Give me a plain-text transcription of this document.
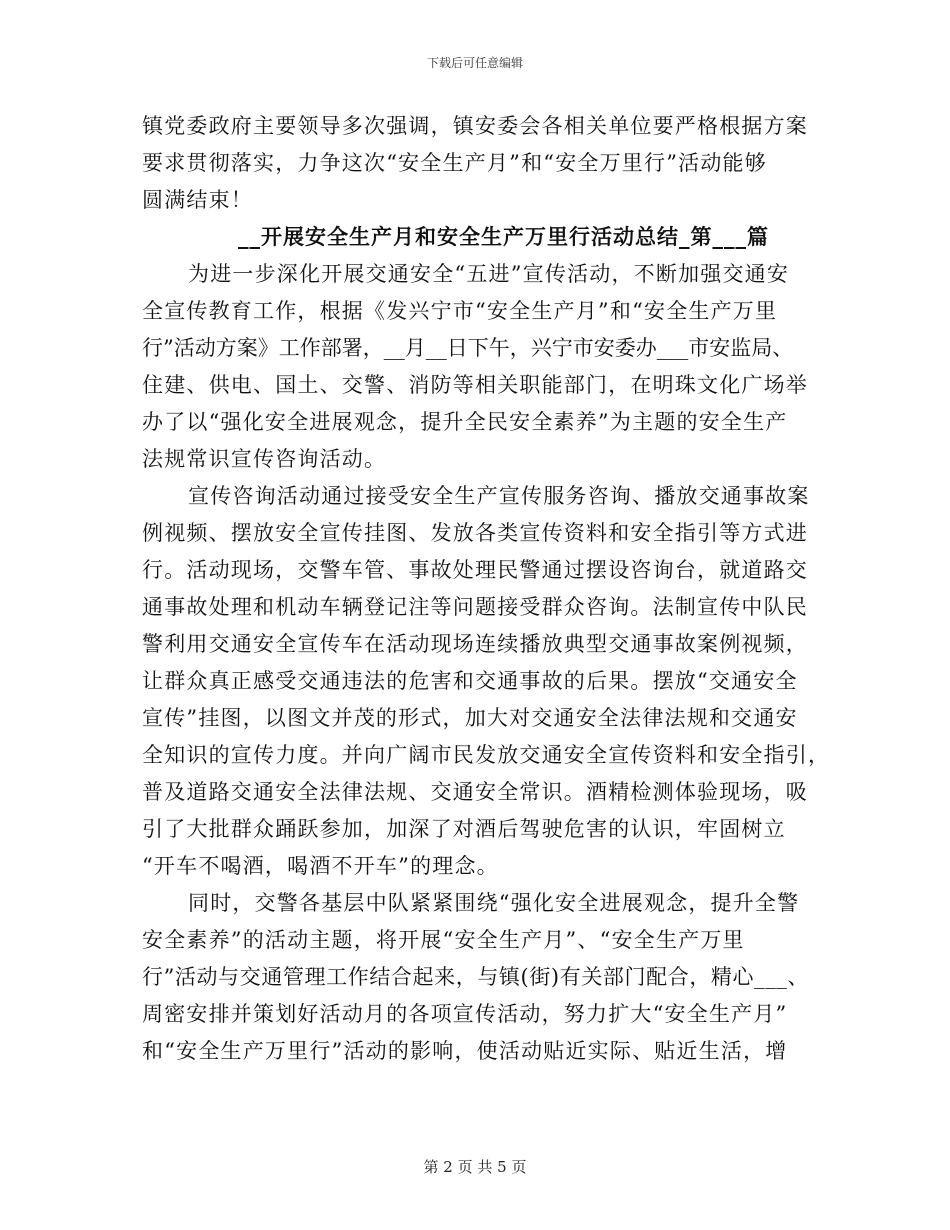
下载后可任意编辑
镇党委政府主要领导多次强调，镇安委会各相关单位要严格根据方案
要求贯彻落实，力争这次“安全生产月”和“安全万里行”活动能够
圆满结束！
__开展安全生产月和安全生产万里行活动总结_第___篇
为进一步深化开展交通安全“五进”宣传活动，不断加强交通安
全宣传教育工作，根据《发兴宁市“安全生产月”和“安全生产万里
行”活动方案》工作部署，__月__日下午，兴宁市安委办___市安监局、
住建、供电、国土、交警、消防等相关职能部门，在明珠文化广场举
办了以“强化安全进展观念，提升全民安全素养”为主题的安全生产
法规常识宣传咨询活动。
宣传咨询活动通过接受安全生产宣传服务咨询、播放交通事故案
例视频、摆放安全宣传挂图、发放各类宣传资料和安全指引等方式进
行。活动现场，交警车管、事故处理民警通过摆设咨询台，就道路交
通事故处理和机动车辆登记注等问题接受群众咨询。法制宣传中队民
警利用交通安全宣传车在活动现场连续播放典型交通事故案例视频，
让群众真正感受交通违法的危害和交通事故的后果。摆放“交通安全
宣传”挂图，以图文并茂的形式，加大对交通安全法律法规和交通安
全知识的宣传力度。并向广阔市民发放交通安全宣传资料和安全指引，
普及道路交通安全法律法规、交通安全常识。酒精检测体验现场，吸
引了大批群众踊跃参加，加深了对酒后驾驶危害的认识，牢固树立
“开车不喝酒，喝酒不开车”的理念。
同时，交警各基层中队紧紧围绕“强化安全进展观念，提升全警
安全素养”的活动主题，将开展“安全生产月”、“安全生产万里
行”活动与交通管理工作结合起来，与镇(街)有关部门配合，精心___、
周密安排并策划好活动月的各项宣传活动，努力扩大“安全生产月”
和“安全生产万里行”活动的影响，使活动贴近实际、贴近生活，增
第 2 页 共 5 页
